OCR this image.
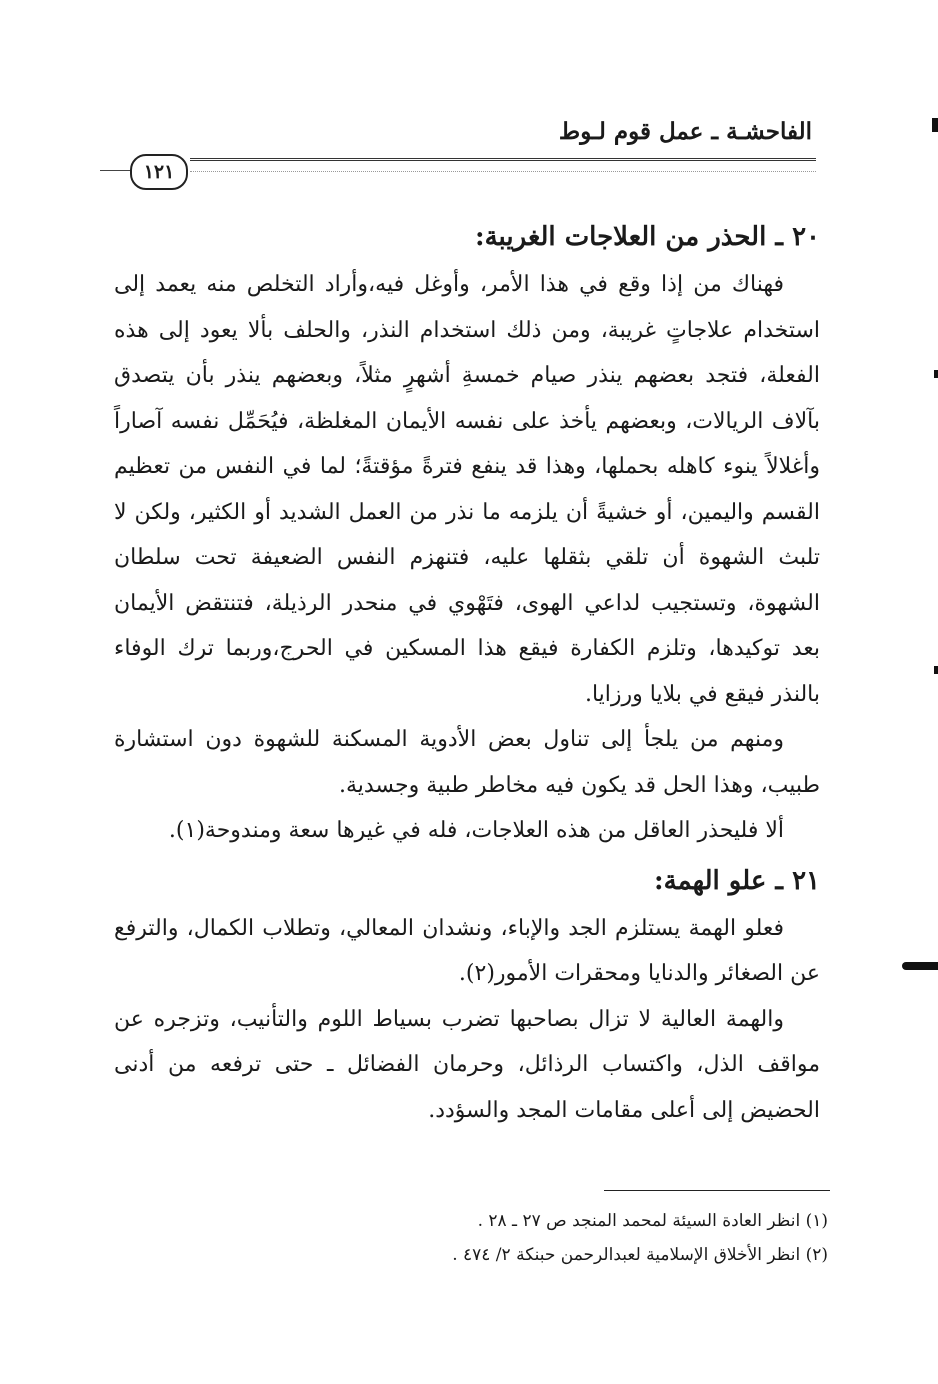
الفاحشـة ـ عمل قوم لـوط
١٢١
٢٠ ـ الحذر من العلاجات الغريبة:

فهناك من إذا وقع في هذا الأمر، وأوغل فيه،وأراد التخلص منه يعمد إلى استخدام علاجاتٍ غريبة، ومن ذلك استخدام النذر، والحلف بألا يعود إلى هذه الفعلة، فتجد بعضهم ينذر صيام خمسةِ أشهرٍ مثلاً، وبعضهم ينذر بأن يتصدق بآلاف الريالات، وبعضهم يأخذ على نفسه الأيمان المغلظة، فيُحَمِّل نفسه آصاراً وأغلالاً ينوء كاهله بحملها، وهذا قد ينفع فترةً مؤقتةً؛ لما في النفس من تعظيم القسم واليمين، أو خشيةً أن يلزمه ما نذر من العمل الشديد أو الكثير، ولكن لا تلبث الشهوة أن تلقي بثقلها عليه، فتنهزم النفس الضعيفة تحت سلطان الشهوة، وتستجيب لداعي الهوى، فتَهْوي في منحدر الرذيلة، فتنتقض الأيمان بعد توكيدها، وتلزم الكفارة فيقع هذا المسكين في الحرج،وربما ترك الوفاء بالنذر فيقع في بلايا ورزايا.

ومنهم من يلجأ إلى تناول بعض الأدوية المسكنة للشهوة دون استشارة طبيب، وهذا الحل قد يكون فيه مخاطر طبية وجسدية.

ألا فليحذر العاقل من هذه العلاجات، فله في غيرها سعة ومندوحة(١).

٢١ ـ علو الهمة:

فعلو الهمة يستلزم الجد والإباء، ونشدان المعالي، وتطلاب الكمال، والترفع عن الصغائر والدنايا ومحقرات الأمور(٢).

والهمة العالية لا تزال بصاحبها تضرب بسياط اللوم والتأنيب، وتزجره عن مواقف الذل، واكتساب الرذائل، وحرمان الفضائل ـ حتى ترفعه من أدنى الحضيض إلى أعلى مقامات المجد والسؤدد.

(١) انظر العادة السيئة لمحمد المنجد ص ٢٧ ـ ٢٨ .

(٢) انظر الأخلاق الإسلامية لعبدالرحمن حبنكة ٢/ ٤٧٤ .
